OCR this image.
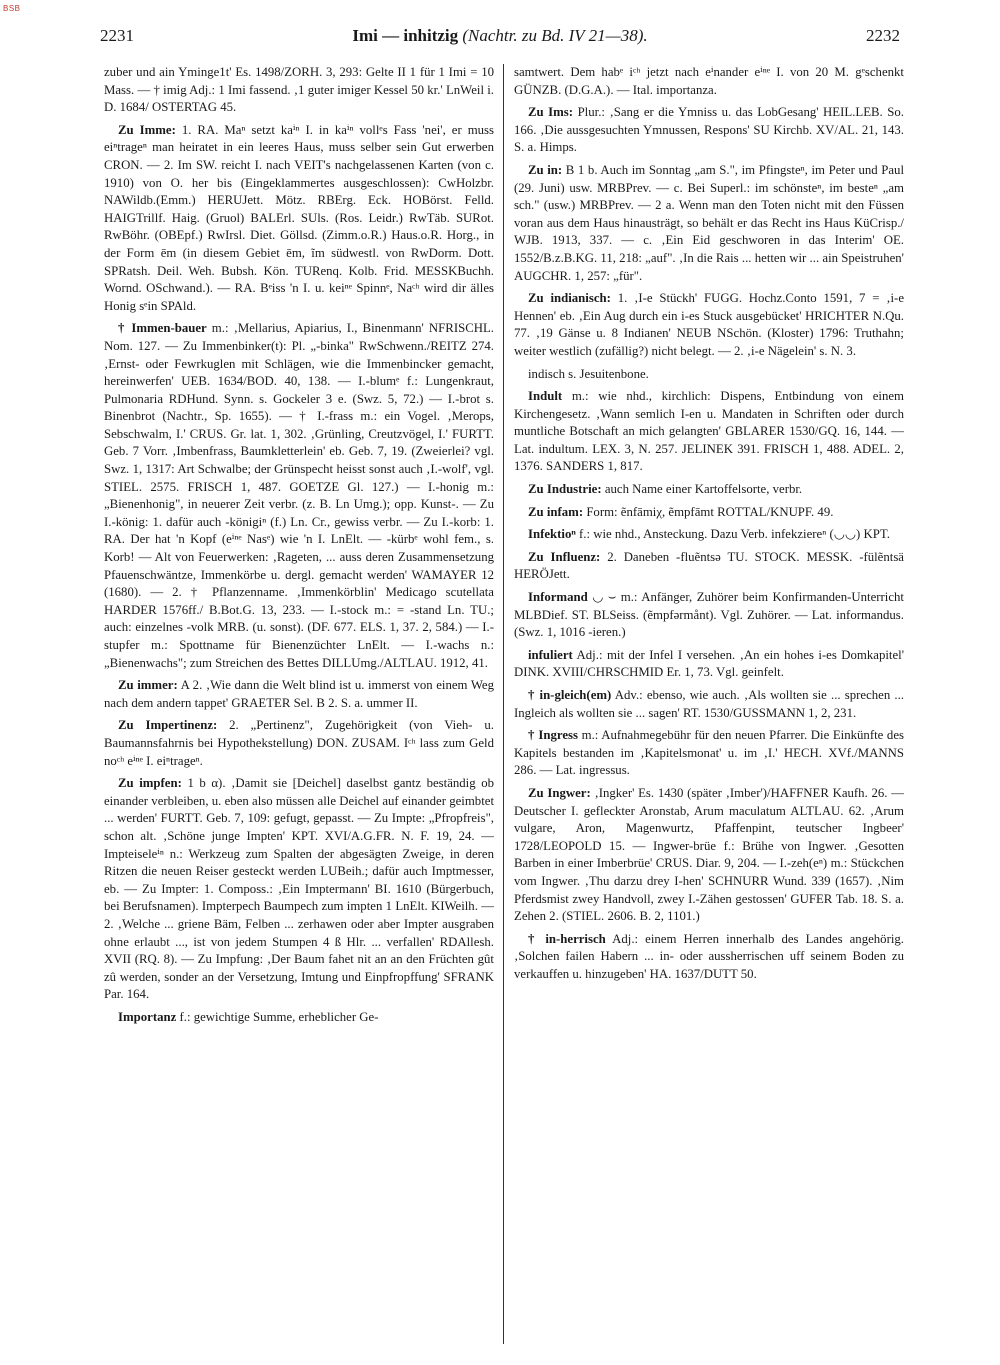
BSB
2231	Imi — inhitzig (Nachtr. zu Bd. IV 21—38).	2232

zuber und ain Yminge1t' Es. 1498/ZORH. 3, 293: Gelte II 1 für 1 Imi = 10 Mass. — † imig Adj.: 1 Imi fassend. ‚1 guter imiger Kessel 50 kr.' LnWeil i. D. 1684/ OSTERTAG 45.

Zu Imme: 1. RA. Maⁿ setzt kaⁱⁿ I. in kaⁱⁿ vollᵉs Fass 'nei', er muss eiⁿtrageⁿ man heiratet in ein leeres Haus, muss selber sein Gut erwerben CRON. — 2. Im SW. reicht I. nach VEIT's nachgelassenen Karten (von c. 1910) von O. her bis (Eingeklammertes ausgeschlossen): CwHolzbr. NAWildb.(Emm.) HERUJett. Mötz. RBErg. Eck. HOBörst. Felld. HAIGTrillf. Haig. (Gruol) BALErl. SUls. (Ros. Leidr.) RwTäb. SURot. RwBöhr. (OBEpf.) RwIrsl. Diet. Göllsd. (Zimm.o.R.) Haus.o.R. Horg., in der Form ēm (in diesem Gebiet ēm, ĩm südwestl. von RwDorm. Dott. SPRatsh. Deil. Weh. Bubsh. Kön. TURenq. Kolb. Frid. MESSKBuchh. Wornd. OSchwand.). — RA. Bᵉiss 'n I. u. keiⁿᵉ Spinnᵉ, Naᶜʰ wird dir älles Honig sᵉin SPAld.

† Immen-bauer m.: ‚Mellarius, Apiarius, I., Binenmann' NFRISCHL. Nom. 127. — Zu Immenbinker(t): Pl. „-binka" RwSchwenn./REITZ 274. ‚Ernst- oder Fewrkuglen mit Schlägen, wie die Immenbincker gemacht, hereinwerfen' UEB. 1634/BOD. 40, 138. — I.-blumᵉ f.: Lungenkraut, Pulmonaria RDHund. Synn. s. Gockeler 3 e. (Swz. 5, 72.) — I.-brot s. Binenbrot (Nachtr., Sp. 1655). — † I.-frass m.: ein Vogel. ‚Merops, Sebschwalm, I.' CRUS. Gr. lat. 1, 302. ‚Grünling, Creutzvögel, I.' FURTT. Geb. 7 Vorr. ‚Imbenfrass, Baumkletterlein' eb. Geb. 7, 19. (Zweierlei? vgl. Swz. 1, 1317: Art Schwalbe; der Grünspecht heisst sonst auch ‚I.-wolf', vgl. STIEL. 2575. FRISCH 1, 487. GOETZE Gl. 127.) — I.-honig m.: „Bienenhonig", in neuerer Zeit verbr. (z. B. Ln Umg.); opp. Kunst-. — Zu I.-könig: 1. dafür auch -königiⁿ (f.) Ln. Cr., gewiss verbr. — Zu I.-korb: 1. RA. Der hat 'n Kopf (eⁱⁿᵉ Nasᵉ) wie 'n I. LnElt. — -kürbᵉ wohl fem., s. Korb! — Alt von Feuerwerken: ‚Rageten, ... auss deren Zusammensetzung Pfauenschwäntze, Immenkörbe u. dergl. gemacht werden' WAMAYER 12 (1680). — 2. † Pflanzenname. ‚Immenkörblin' Medicago scutellata HARDER 1576ff./ B.Bot.G. 13, 233. — I.-stock m.: = -stand Ln. TU.; auch: einzelnes -volk MRB. (u. sonst). (DF. 677. ELS. 1, 37. 2, 584.) — I.-stupfer m.: Spottname für Bienenzüchter LnElt. — I.-wachs n.: „Bienenwachs"; zum Streichen des Bettes DILLUmg./ALTLAU. 1912, 41.

Zu immer: A 2. ‚Wie dann die Welt blind ist u. immerst von einem Weg nach dem andern tappet' GRAETER Sel. B 2. S. a. ummer II.

Zu Impertinenz: 2. „Pertinenz", Zugehörigkeit (von Vieh- u. Baumannsfahrnis bei Hypothekstellung) DON. ZUSAM. Iᶜʰ lass zum Geld noᶜʰ eⁱⁿᵉ I. eiⁿtrageⁿ.

Zu impfen: 1 b α). ‚Damit sie [Deichel] daselbst gantz beständig ob einander verbleiben, u. eben also müssen alle Deichel auf einander geimbtet ... werden' FURTT. Geb. 7, 109: gefugt, gepasst. — Zu Impte: „Pfropfreis", schon alt. ‚Schöne junge Impten' KPT. XVI/A.G.FR. N. F. 19, 24. — Impteiseleⁱⁿ n.: Werkzeug zum Spalten der abgesägten Zweige, in deren Ritzen die neuen Reiser gesteckt werden LUBeih.; dafür auch Imptmesser, eb. — Zu Impter: 1. Composs.: ‚Ein Imptermann' BI. 1610 (Bürgerbuch, bei Berufsnamen). Impterpech Baumpech zum impten 1 LnElt. KIWeilh. — 2. ‚Welche ... griene Bäm, Felben ... zerhawen oder aber Impter ausgraben ohne erlaubt ..., ist von jedem Stumpen 4 ß Hlr. ... verfallen' RDAllesh. XVII (RQ. 8). — Zu Impfung: ‚Der Baum fahet nit an an den Früchten gût zû werden, sonder an der Versetzung, Imtung und Einpfropffung' SFRANK Par. 164.

Importanz f.: gewichtige Summe, erheblicher Ge-

samtwert. Dem habᵉ iᶜʰ jetzt nach eⁱnander eⁱⁿᵉ I. von 20 M. gᵉschenkt GÜNZB. (D.G.A.). — Ital. importanza.

Zu Ims: Plur.: ‚Sang er die Ymniss u. das LobGesang' HEIL.LEB. So. 166. ‚Die aussgesuchten Ymnussen, Respons' SU Kirchb. XV/AL. 21, 143. S. a. Himps.

Zu in: B 1 b. Auch im Sonntag „am S.", im Pfingsteⁿ, im Peter und Paul (29. Juni) usw. MRBPrev. — c. Bei Superl.: im schönsteⁿ, im besteⁿ „am sch." (usw.) MRBPrev. — 2 a. Wenn man den Toten nicht mit den Füssen voran aus dem Haus hinausträgt, so behält er das Recht ins Haus KüCrisp./ WJB. 1913, 337. — c. ‚Ein Eid geschworen in das Interim' OE. 1552/B.z.B.KG. 11, 218: „auf". ‚In die Rais ... hetten wir ... ain Speistruhen' AUGCHR. 1, 257: „für".

Zu indianisch: 1. ‚I-e Stückh' FUGG. Hochz.Conto 1591, 7 = ‚i-e Hennen' eb. ‚Ein Aug durch ein i-es Stuck ausgebücket' HRICHTER N.Qu. 77. ‚19 Gänse u. 8 Indianen' NEUB NSchön. (Kloster) 1796: Truthahn; weiter westlich (zufällig?) nicht belegt. — 2. ‚i-e Nägelein' s. N. 3.

indisch s. Jesuitenbone.

Indult m.: wie nhd., kirchlich: Dispens, Entbindung von einem Kirchengesetz. ‚Wann semlich I-en u. Mandaten in Schriften oder durch muntliche Botschaft an mich gelangten' GBLARER 1530/GQ. 16, 144. — Lat. indultum. LEX. 3, N. 257. JELINEK 391. FRISCH 1, 488. ADEL. 2, 1376. SANDERS 1, 817.

Zu Industrie: auch Name einer Kartoffelsorte, verbr.

Zu infam: Form: ẽnfāmiχ, ẽmpfāmt ROTTAL/KNUPF. 49.

Infektioⁿ f.: wie nhd., Ansteckung. Dazu Verb. infekziereⁿ (◡◡) KPT.

Zu Influenz: 2. Daneben -fluẽntsə TU. STOCK. MESSK. -fülẽntsä HERÖJett.

Informand ◡ ⌣ m.: Anfänger, Zuhörer beim Konfirmanden-Unterricht MLBDief. ST. BLSeiss. (ẽmpfərmånt). Vgl. Zuhörer. — Lat. informandus. (Swz. 1, 1016 -ieren.)

infuliert Adj.: mit der Infel I versehen. ‚An ein hohes i-es Domkapitel' DINK. XVIII/CHRSCHMID Er. 1, 73. Vgl. geinfelt.

† in-gleich(em) Adv.: ebenso, wie auch. ‚Als wollten sie ... sprechen ... Ingleich als wollten sie ... sagen' RT. 1530/GUSSMANN 1, 2, 231.

† Ingress m.: Aufnahmegebühr für den neuen Pfarrer. Die Einkünfte des Kapitels bestanden im ‚Kapitelsmonat' u. im ‚I.' HECH. XVf./MANNS 286. — Lat. ingressus.

Zu Ingwer: ‚Ingker' Es. 1430 (später ‚Imber')/HAFFNER Kaufh. 26. — Deutscher I. gefleckter Aronstab, Arum maculatum ALTLAU. 62. ‚Arum vulgare, Aron, Magenwurtz, Pfaffenpint, teutscher Ingbeer' 1728/LEOPOLD 15. — Ingwer-brüe f.: Brühe von Ingwer. ‚Gesotten Barben in einer Imberbrüe' CRUS. Diar. 9, 204. — I.-zeh(eⁿ) m.: Stückchen vom Ingwer. ‚Thu darzu drey I-hen' SCHNURR Wund. 339 (1657). ‚Nim Pferdsmist zwey Handvoll, zwey I.-Zähen gestossen' GUFER Tab. 18. S. a. Zehen 2. (STIEL. 2606. B. 2, 1101.)

† in-herrisch Adj.: einem Herren innerhalb des Landes angehörig. ‚Solchen failen Habern ... in- oder aussherrischen uff seinem Boden zu verkauffen u. hinzugeben' HA. 1637/DUTT 50.
